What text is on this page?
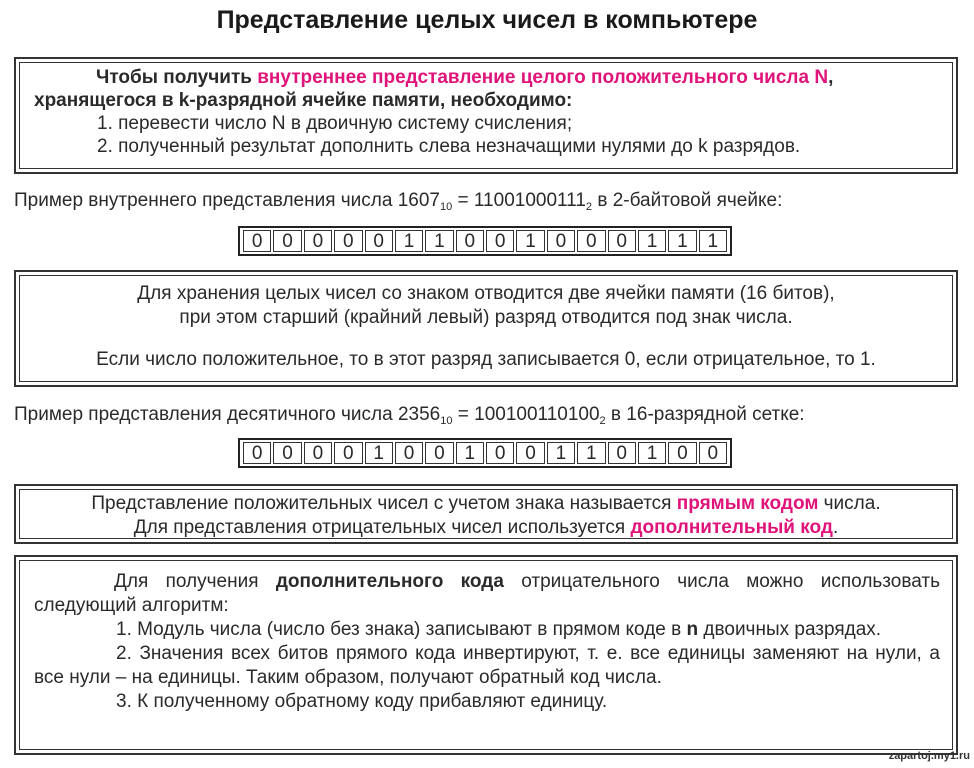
Представление целых чисел в компьютере
Чтобы получить внутреннее представление целого положительного числа N,
хранящегося в k-разрядной ячейке памяти, необходимо:
1. перевести число N в двоичную систему счисления;
2. полученный результат дополнить слева незначащими нулями до k разрядов.
Пример внутреннего представления числа $1607_{10} = 11001000111_2$ в 2-байтовой ячейке:
0	0	0	0	0	1	1	0	0	1	0	0	0	1	1	1
Для хранения целых чисел со знаком отводится две ячейки памяти (16 битов),
при этом старший (крайний левый) разряд отводится под знак числа.
Если число положительное, то в этот разряд записывается 0, если отрицательное, то 1.
Пример представления десятичного числа $2356_{10} = 100100110100_2$ в 16-разрядной сетке:
0	0	0	0	1	0	0	1	0	0	1	1	0	1	0	0
Представление положительных чисел с учетом знака называется прямым кодом числа.
Для представления отрицательных чисел используется дополнительный код.
Для получения дополнительного кода отрицательного числа можно использовать следующий алгоритм:
1. Модуль числа (число без знака) записывают в прямом коде в n двоичных разрядах.
2. Значения всех битов прямого кода инвертируют, т. е. все единицы заменяют на нули, а все нули – на единицы. Таким образом, получают обратный код числа.
3. К полученному обратному коду прибавляют единицу.
zapartoj.my1.ru
